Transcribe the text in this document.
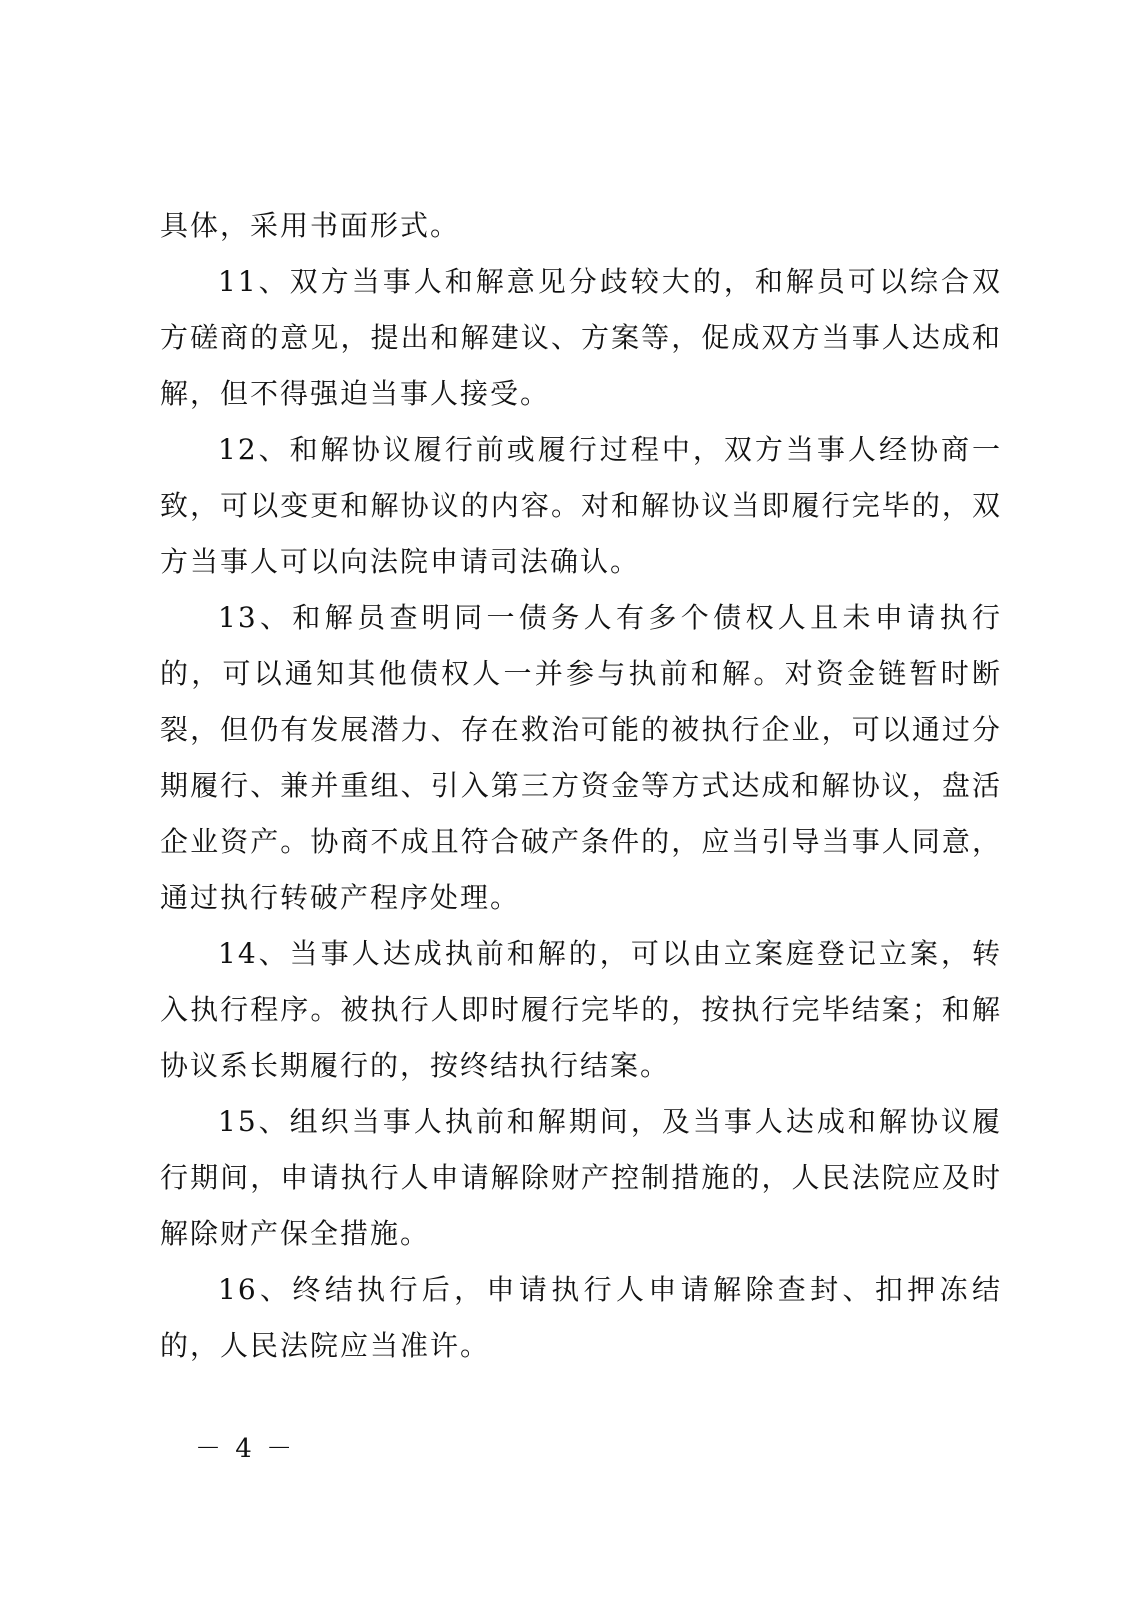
具体，采用书面形式。

11、双方当事人和解意见分歧较大的，和解员可以综合双方磋商的意见，提出和解建议、方案等，促成双方当事人达成和解，但不得强迫当事人接受。

12、和解协议履行前或履行过程中，双方当事人经协商一致，可以变更和解协议的内容。对和解协议当即履行完毕的，双方当事人可以向法院申请司法确认。

13、和解员查明同一债务人有多个债权人且未申请执行的，可以通知其他债权人一并参与执前和解。对资金链暂时断裂，但仍有发展潜力、存在救治可能的被执行企业，可以通过分期履行、兼并重组、引入第三方资金等方式达成和解协议，盘活企业资产。协商不成且符合破产条件的，应当引导当事人同意，通过执行转破产程序处理。

14、当事人达成执前和解的，可以由立案庭登记立案，转入执行程序。被执行人即时履行完毕的，按执行完毕结案；和解协议系长期履行的，按终结执行结案。

15、组织当事人执前和解期间，及当事人达成和解协议履行期间，申请执行人申请解除财产控制措施的，人民法院应及时解除财产保全措施。

16、终结执行后，申请执行人申请解除查封、扣押冻结的，人民法院应当准许。

－ 4 －
